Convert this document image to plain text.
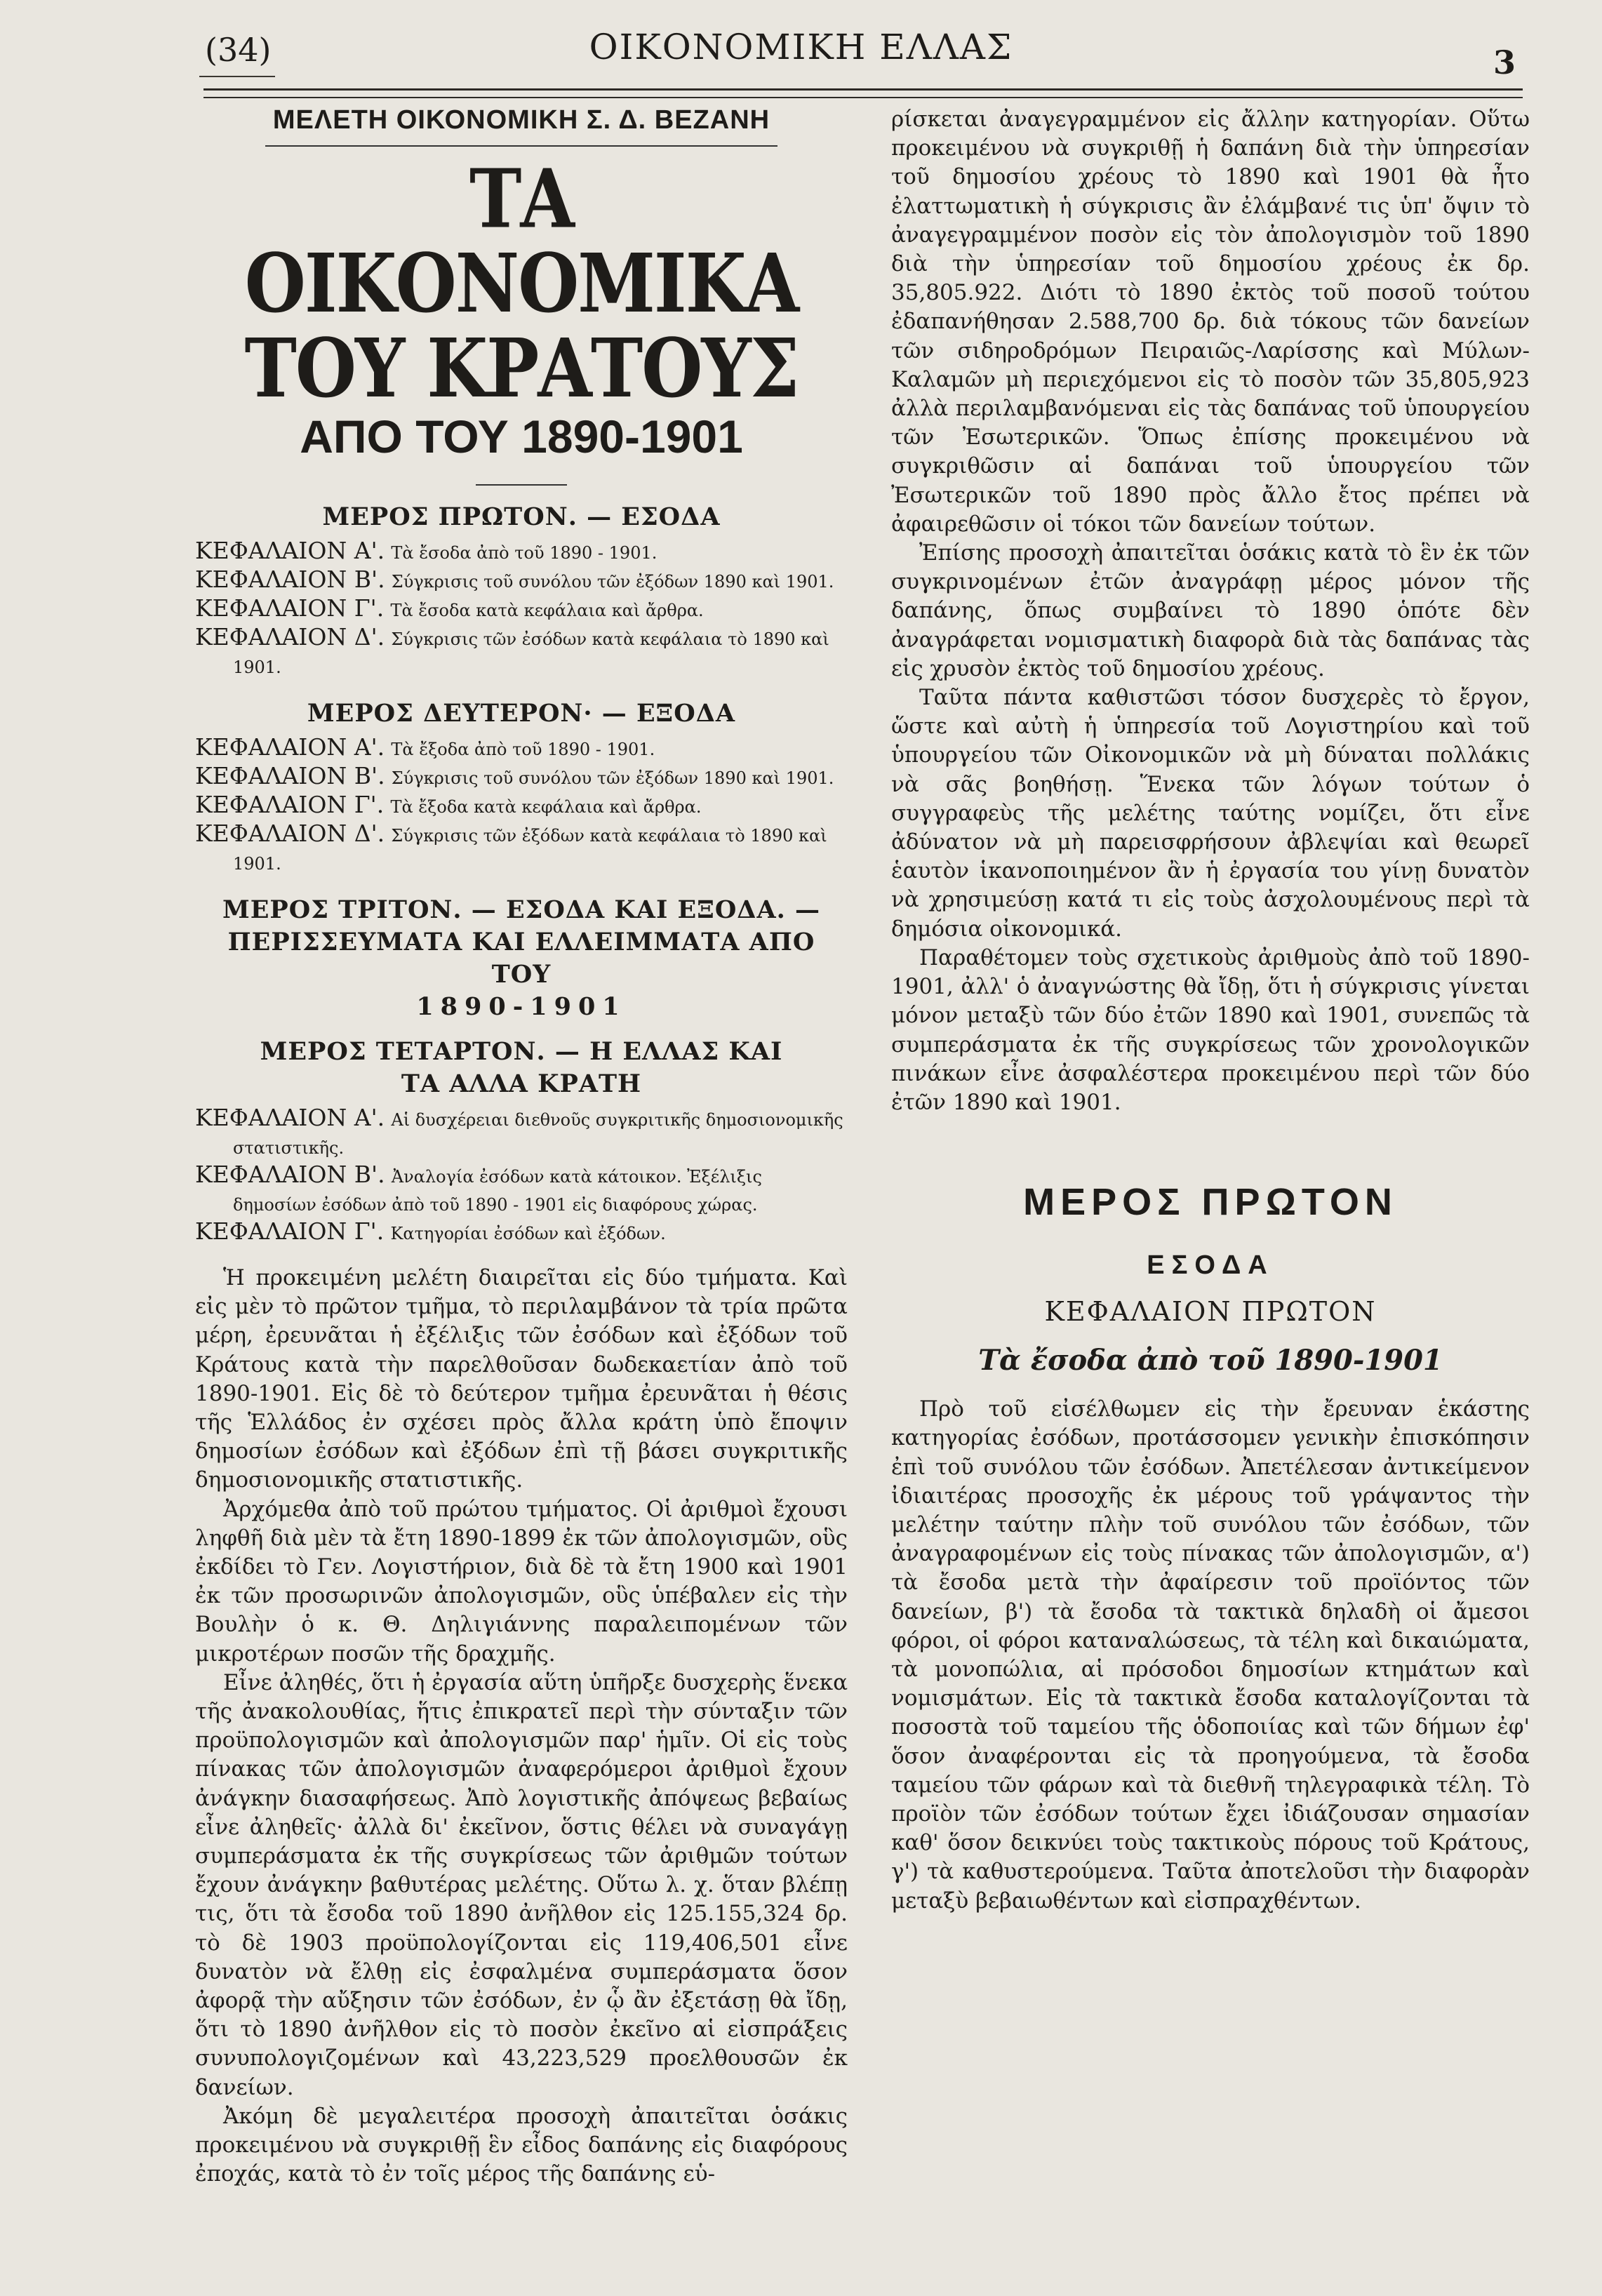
(34)	ΟΙΚΟΝΟΜΙΚΗ ΕΛΛΑΣ	3

ΜΕΛΕΤΗ ΟΙΚΟΝΟΜΙΚΗ Σ. Δ. ΒΕΖΑΝΗ

ΤΑ ΟΙΚΟΝΟΜΙΚΑ ΤΟΥ ΚΡΑΤΟΥΣ
ΑΠΟ ΤΟΥ 1890-1901

ΜΕΡΟΣ ΠΡΩΤΟΝ. — ΕΣΟΔΑ

ΚΕΦΑΛΑΙΟΝ Α'. Τὰ ἔσοδα ἀπὸ τοῦ 1890 - 1901.
ΚΕΦΑΛΑΙΟΝ Β'. Σύγκρισις τοῦ συνόλου τῶν ἐξόδων 1890 καὶ 1901.
ΚΕΦΑΛΑΙΟΝ Γ'. Τὰ ἔσοδα κατὰ κεφάλαια καὶ ἄρθρα.
ΚΕΦΑΛΑΙΟΝ Δ'. Σύγκρισις τῶν ἐσόδων κατὰ κεφάλαια τὸ 1890 καὶ 1901.

ΜΕΡΟΣ ΔΕΥΤΕΡΟΝ· — ΕΞΟΔΑ

ΚΕΦΑΛΑΙΟΝ Α'. Τὰ ἔξοδα ἀπὸ τοῦ 1890 - 1901.
ΚΕΦΑΛΑΙΟΝ Β'. Σύγκρισις τοῦ συνόλου τῶν ἐξόδων 1890 καὶ 1901.
ΚΕΦΑΛΑΙΟΝ Γ'. Τὰ ἔξοδα κατὰ κεφάλαια καὶ ἄρθρα.
ΚΕΦΑΛΑΙΟΝ Δ'. Σύγκρισις τῶν ἐξόδων κατὰ κεφάλαια τὸ 1890 καὶ 1901.

ΜΕΡΟΣ ΤΡΙΤΟΝ. — ΕΣΟΔΑ ΚΑΙ ΕΞΟΔΑ. —

ΠΕΡΙΣΣΕΥΜΑΤΑ ΚΑΙ ΕΛΛΕΙΜΜΑΤΑ ΑΠΟ ΤΟΥ

1890-1901

ΜΕΡΟΣ ΤΕΤΑΡΤΟΝ. — Η ΕΛΛΑΣ ΚΑΙ

ΤΑ ΑΛΛΑ ΚΡΑΤΗ

ΚΕΦΑΛΑΙΟΝ Α'. Αἱ δυσχέρειαι διεθνοῦς συγκριτικῆς δημοσιονομικῆς στατιστικῆς.
ΚΕΦΑΛΑΙΟΝ Β'. Ἀναλογία ἐσόδων κατὰ κάτοικον. Ἐξέλιξις δημοσίων ἐσόδων ἀπὸ τοῦ 1890 - 1901 εἰς διαφόρους χώρας.
ΚΕΦΑΛΑΙΟΝ Γ'. Κατηγορίαι ἐσόδων καὶ ἐξόδων.

Ἡ προκειμένη μελέτη διαιρεῖται εἰς δύο τμήματα. Καὶ εἰς μὲν τὸ πρῶτον τμῆμα, τὸ περιλαμβάνον τὰ τρία πρῶτα μέρη, ἐρευνᾶται ἡ ἐξέλιξις τῶν ἐσόδων καὶ ἐξόδων τοῦ Κράτους κατὰ τὴν παρελθοῦσαν δωδεκαετίαν ἀπὸ τοῦ 1890-1901. Εἰς δὲ τὸ δεύτερον τμῆμα ἐρευνᾶται ἡ θέσις τῆς Ἑλλάδος ἐν σχέσει πρὸς ἄλλα κράτη ὑπὸ ἔποψιν δημοσίων ἐσόδων καὶ ἐξόδων ἐπὶ τῇ βάσει συγκριτικῆς δημοσιονομικῆς στατιστικῆς.

Ἀρχόμεθα ἀπὸ τοῦ πρώτου τμήματος. Οἱ ἀριθμοὶ ἔχουσι ληφθῆ διὰ μὲν τὰ ἔτη 1890-1899 ἐκ τῶν ἀπολογισμῶν, οὓς ἐκδίδει τὸ Γεν. Λογιστήριον, διὰ δὲ τὰ ἔτη 1900 καὶ 1901 ἐκ τῶν προσωρινῶν ἀπολογισμῶν, οὓς ὑπέβαλεν εἰς τὴν Βουλὴν ὁ κ. Θ. Δηλιγιάννης παραλειπομένων τῶν μικροτέρων ποσῶν τῆς δραχμῆς.

Εἶνε ἀληθές, ὅτι ἡ ἐργασία αὕτη ὑπῆρξε δυσχερὴς ἕνεκα τῆς ἀνακολουθίας, ἥτις ἐπικρατεῖ περὶ τὴν σύνταξιν τῶν προϋπολογισμῶν καὶ ἀπολογισμῶν παρ' ἡμῖν. Οἱ εἰς τοὺς πίνακας τῶν ἀπολογισμῶν ἀναφερόμεροι ἀριθμοὶ ἔχουν ἀνάγκην διασαφήσεως. Ἀπὸ λογιστικῆς ἀπόψεως βεβαίως εἶνε ἀληθεῖς· ἀλλὰ δι' ἐκεῖνον, ὅστις θέλει νὰ συναγάγῃ συμπεράσματα ἐκ τῆς συγκρίσεως τῶν ἀριθμῶν τούτων ἔχουν ἀνάγκην βαθυτέρας μελέτης. Οὕτω λ. χ. ὅταν βλέπῃ τις, ὅτι τὰ ἔσοδα τοῦ 1890 ἀνῆλθον εἰς 125.155,324 δρ. τὸ δὲ 1903 προϋπολογίζονται εἰς 119,406,501 εἶνε δυνατὸν νὰ ἔλθῃ εἰς ἐσφαλμένα συμπεράσματα ὅσον ἀφορᾷ τὴν αὔξησιν τῶν ἐσόδων, ἐν ᾧ ἂν ἐξετάσῃ θὰ ἴδῃ, ὅτι τὸ 1890 ἀνῆλθον εἰς τὸ ποσὸν ἐκεῖνο αἱ εἰσπράξεις συνυπολογιζομένων καὶ 43,223,529 προελθουσῶν ἐκ δανείων.

Ἀκόμη δὲ μεγαλειτέρα προσοχὴ ἀπαιτεῖται ὁσάκις προκειμένου νὰ συγκριθῇ ἓν εἶδος δαπάνης εἰς διαφόρους ἐποχάς, κατὰ τὸ ἐν τοῖς μέρος τῆς δαπάνης εὑ-

ρίσκεται ἀναγεγραμμένον εἰς ἄλλην κατηγορίαν. Οὕτω προκειμένου νὰ συγκριθῇ ἡ δαπάνη διὰ τὴν ὑπηρεσίαν τοῦ δημοσίου χρέους τὸ 1890 καὶ 1901 θὰ ἦτο ἐλαττωματικὴ ἡ σύγκρισις ἂν ἐλάμβανέ τις ὑπ' ὄψιν τὸ ἀναγεγραμμένον ποσὸν εἰς τὸν ἀπολογισμὸν τοῦ 1890 διὰ τὴν ὑπηρεσίαν τοῦ δημοσίου χρέους ἐκ δρ. 35,805.922. Διότι τὸ 1890 ἐκτὸς τοῦ ποσοῦ τούτου ἐδαπανήθησαν 2.588,700 δρ. διὰ τόκους τῶν δανείων τῶν σιδηροδρόμων Πειραιῶς-Λαρίσσης καὶ Μύλων-Καλαμῶν μὴ περιεχόμενοι εἰς τὸ ποσὸν τῶν 35,805,923 ἀλλὰ περιλαμβανόμεναι εἰς τὰς δαπάνας τοῦ ὑπουργείου τῶν Ἐσωτερικῶν. Ὅπως ἐπίσης προκειμένου νὰ συγκριθῶσιν αἱ δαπάναι τοῦ ὑπουργείου τῶν Ἐσωτερικῶν τοῦ 1890 πρὸς ἄλλο ἔτος πρέπει νὰ ἀφαιρεθῶσιν οἱ τόκοι τῶν δανείων τούτων.

Ἐπίσης προσοχὴ ἀπαιτεῖται ὁσάκις κατὰ τὸ ἓν ἐκ τῶν συγκρινομένων ἐτῶν ἀναγράφῃ μέρος μόνον τῆς δαπάνης, ὅπως συμβαίνει τὸ 1890 ὁπότε δὲν ἀναγράφεται νομισματικὴ διαφορὰ διὰ τὰς δαπάνας τὰς εἰς χρυσὸν ἐκτὸς τοῦ δημοσίου χρέους.

Ταῦτα πάντα καθιστῶσι τόσον δυσχερὲς τὸ ἔργον, ὥστε καὶ αὐτὴ ἡ ὑπηρεσία τοῦ Λογιστηρίου καὶ τοῦ ὑπουργείου τῶν Οἰκονομικῶν νὰ μὴ δύναται πολλάκις νὰ σᾶς βοηθήσῃ. Ἕνεκα τῶν λόγων τούτων ὁ συγγραφεὺς τῆς μελέτης ταύτης νομίζει, ὅτι εἶνε ἀδύνατον νὰ μὴ παρεισφρήσουν ἀβλεψίαι καὶ θεωρεῖ ἑαυτὸν ἱκανοποιημένον ἂν ἡ ἐργασία του γίνῃ δυνατὸν νὰ χρησιμεύσῃ κατά τι εἰς τοὺς ἀσχολουμένους περὶ τὰ δημόσια οἰκονομικά.

Παραθέτομεν τοὺς σχετικοὺς ἀριθμοὺς ἀπὸ τοῦ 1890-1901, ἀλλ' ὁ ἀναγνώστης θὰ ἴδῃ, ὅτι ἡ σύγκρισις γίνεται μόνον μεταξὺ τῶν δύο ἐτῶν 1890 καὶ 1901, συνεπῶς τὰ συμπεράσματα ἐκ τῆς συγκρίσεως τῶν χρονολογικῶν πινάκων εἶνε ἀσφαλέστερα προκειμένου περὶ τῶν δύο ἐτῶν 1890 καὶ 1901.

ΜΕΡΟΣ ΠΡΩΤΟΝ
ΕΣΟΔΑ
ΚΕΦΑΛΑΙΟΝ ΠΡΩΤΟΝ
Τὰ ἔσοδα ἀπὸ τοῦ 1890-1901

Πρὸ τοῦ εἰσέλθωμεν εἰς τὴν ἔρευναν ἑκάστης κατηγορίας ἐσόδων, προτάσσομεν γενικὴν ἐπισκόπησιν ἐπὶ τοῦ συνόλου τῶν ἐσόδων. Ἀπετέλεσαν ἀντικείμενον ἰδιαιτέρας προσοχῆς ἐκ μέρους τοῦ γράψαντος τὴν μελέτην ταύτην πλὴν τοῦ συνόλου τῶν ἐσόδων, τῶν ἀναγραφομένων εἰς τοὺς πίνακας τῶν ἀπολογισμῶν, α') τὰ ἔσοδα μετὰ τὴν ἀφαίρεσιν τοῦ προϊόντος τῶν δανείων, β') τὰ ἔσοδα τὰ τακτικὰ δηλαδὴ οἱ ἄμεσοι φόροι, οἱ φόροι καταναλώσεως, τὰ τέλη καὶ δικαιώματα, τὰ μονοπώλια, αἱ πρόσοδοι δημοσίων κτημάτων καὶ νομισμάτων. Εἰς τὰ τακτικὰ ἔσοδα καταλογίζονται τὰ ποσοστὰ τοῦ ταμείου τῆς ὁδοποιίας καὶ τῶν δήμων ἐφ' ὅσον ἀναφέρονται εἰς τὰ προηγούμενα, τὰ ἔσοδα ταμείου τῶν φάρων καὶ τὰ διεθνῆ τηλεγραφικὰ τέλη. Τὸ προϊὸν τῶν ἐσόδων τούτων ἔχει ἰδιάζουσαν σημασίαν καθ' ὅσον δεικνύει τοὺς τακτικοὺς πόρους τοῦ Κράτους, γ') τὰ καθυστερούμενα. Ταῦτα ἀποτελοῦσι τὴν διαφορὰν μεταξὺ βεβαιωθέντων καὶ εἰσπραχθέντων.
